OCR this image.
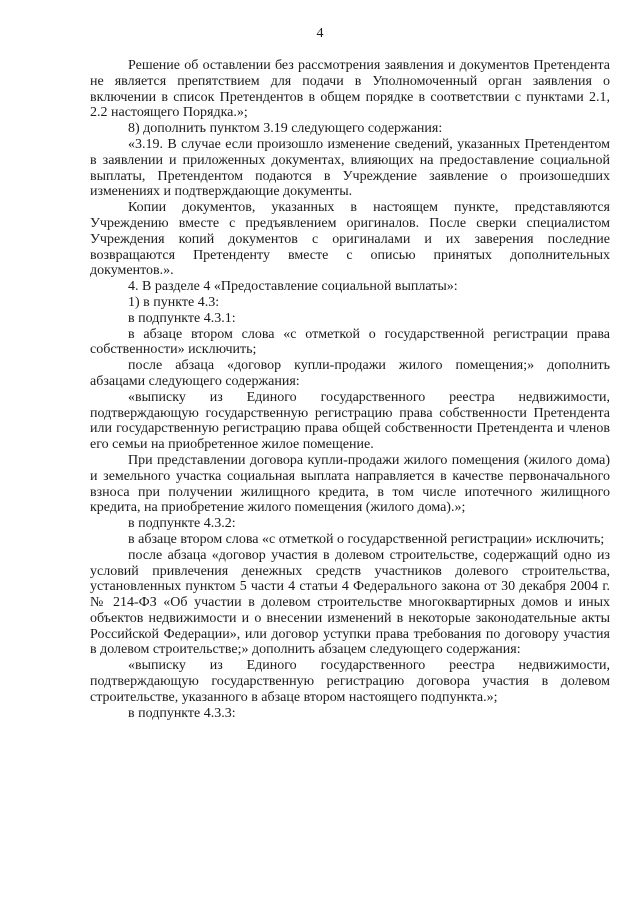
4

Решение об оставлении без рассмотрения заявления и документов Претендента не является препятствием для подачи в Уполномоченный орган заявления о включении в список Претендентов в общем порядке в соответствии с пунктами 2.1, 2.2 настоящего Порядка.»;

8) дополнить пунктом 3.19 следующего содержания:

«3.19. В случае если произошло изменение сведений, указанных Претендентом в заявлении и приложенных документах, влияющих на предоставление социальной выплаты, Претендентом подаются в Учреждение заявление о произошедших изменениях и подтверждающие документы.

Копии документов, указанных в настоящем пункте, представляются Учреждению вместе с предъявлением оригиналов. После сверки специалистом Учреждения копий документов с оригиналами и их заверения последние возвращаются Претенденту вместе с описью принятых дополнительных документов.».

4. В разделе 4 «Предоставление социальной выплаты»:

1) в пункте 4.3:

в подпункте 4.3.1:

в абзаце втором слова «с отметкой о государственной регистрации права собственности» исключить;

после абзаца «договор купли-продажи жилого помещения;» дополнить абзацами следующего содержания:

«выписку из Единого государственного реестра недвижимости, подтверждающую государственную регистрацию права собственности Претендента или государственную регистрацию права общей собственности Претендента и членов его семьи на приобретенное жилое помещение.

При представлении договора купли-продажи жилого помещения (жилого дома) и земельного участка социальная выплата направляется в качестве первоначального взноса при получении жилищного кредита, в том числе ипотечного жилищного кредита, на приобретение жилого помещения (жилого дома).»;

в подпункте 4.3.2:

в абзаце втором слова «с отметкой о государственной регистрации» исключить;

после абзаца «договор участия в долевом строительстве, содержащий одно из условий привлечения денежных средств участников долевого строительства, установленных пунктом 5 части 4 статьи 4 Федерального закона от 30 декабря 2004 г. № 214-ФЗ «Об участии в долевом строительстве многоквартирных домов и иных объектов недвижимости и о внесении изменений в некоторые законодательные акты Российской Федерации», или договор уступки права требования по договору участия в долевом строительстве;» дополнить абзацем следующего содержания:

«выписку из Единого государственного реестра недвижимости, подтверждающую государственную регистрацию договора участия в долевом строительстве, указанного в абзаце втором настоящего подпункта.»;

в подпункте 4.3.3:
